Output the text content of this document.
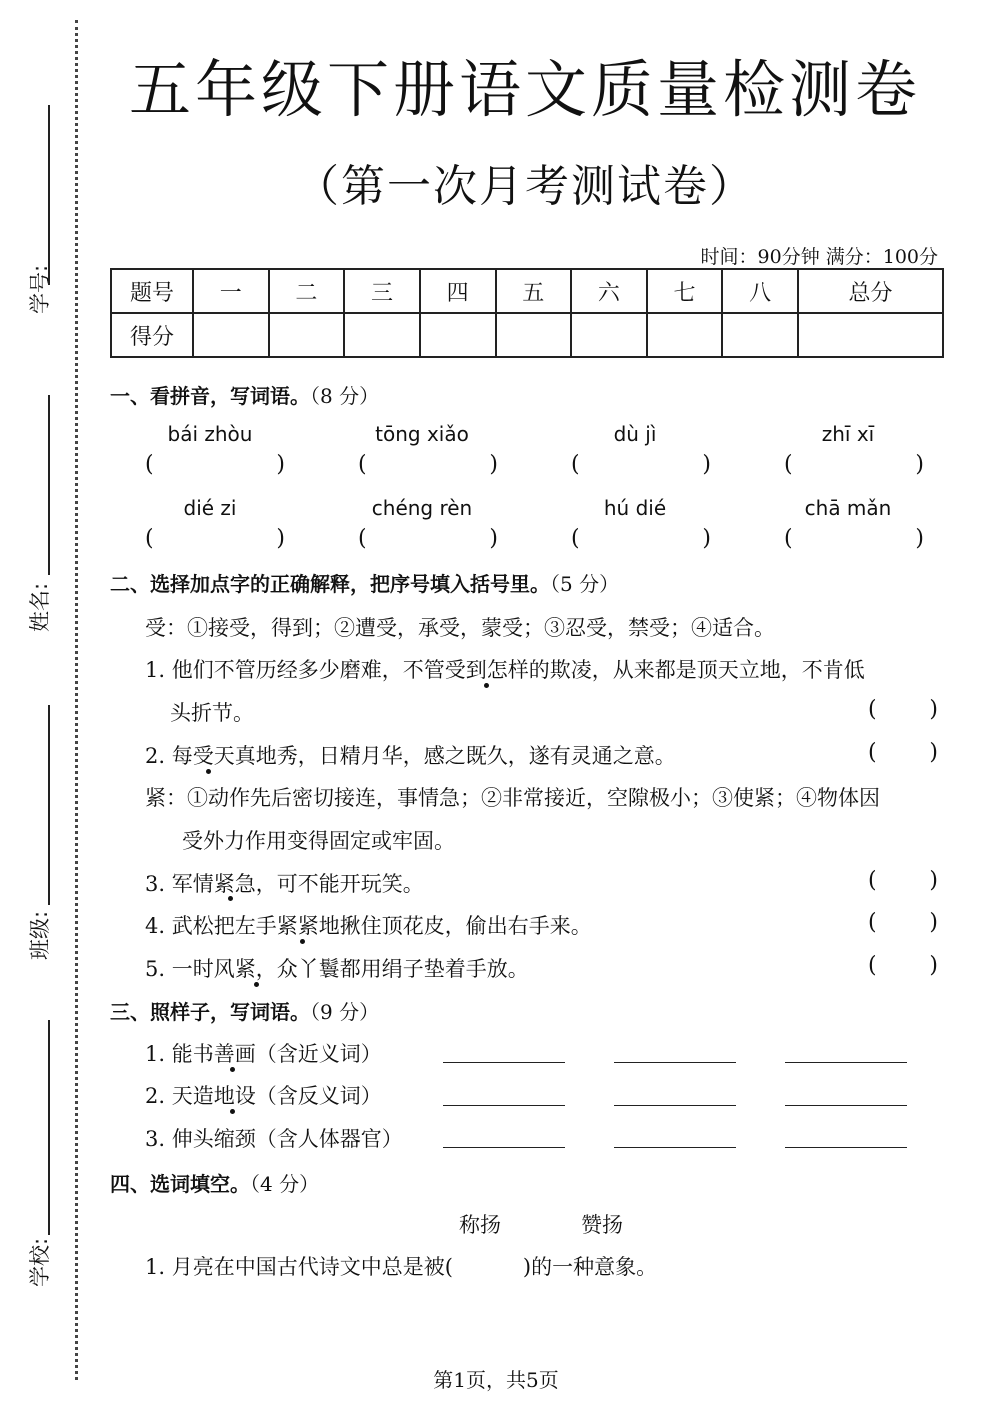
学号:
姓名:
班级:
学校:
五年级下册语文质量检测卷
（第一次月考测试卷）
时间：90分钟 满分：100分
题号	一	二	三	四	五	六	七	八	总分
得分									
一、看拼音，写词语。（8 分）
bái zhòu	tōng xiǎo	dù jì	zhī xī
(	)	(	)	(	)	(	)
dié zi	chéng rèn	hú dié	chā mǎn
(	)	(	)	(	)	(	)
二、选择加点字的正确解释，把序号填入括号里。（5 分）
受：①接受，得到；②遭受，承受，蒙受；③忍受，禁受；④适合。
1. 他们不管历经多少磨难，不管受到怎样的欺凌，从来都是顶天立地，不肯低
头折节。	( )
2. 每受天真地秀，日精月华，感之既久，遂有灵通之意。	( )
紧：①动作先后密切接连，事情急；②非常接近，空隙极小；③使紧；④物体因
受外力作用变得固定或牢固。
3. 军情紧急，可不能开玩笑。	( )
4. 武松把左手紧紧地揪住顶花皮，偷出右手来。	( )
5. 一时风紧，众丫鬟都用绢子垫着手放。	( )
三、照样子，写词语。（9 分）
1. 能书善画（含近义词）
2. 天造地设（含反义词）
3. 伸头缩颈（含人体器官）
四、选词填空。（4 分）
称扬	赞扬
1. 月亮在中国古代诗文中总是被(	)的一种意象。
第1页，共5页
